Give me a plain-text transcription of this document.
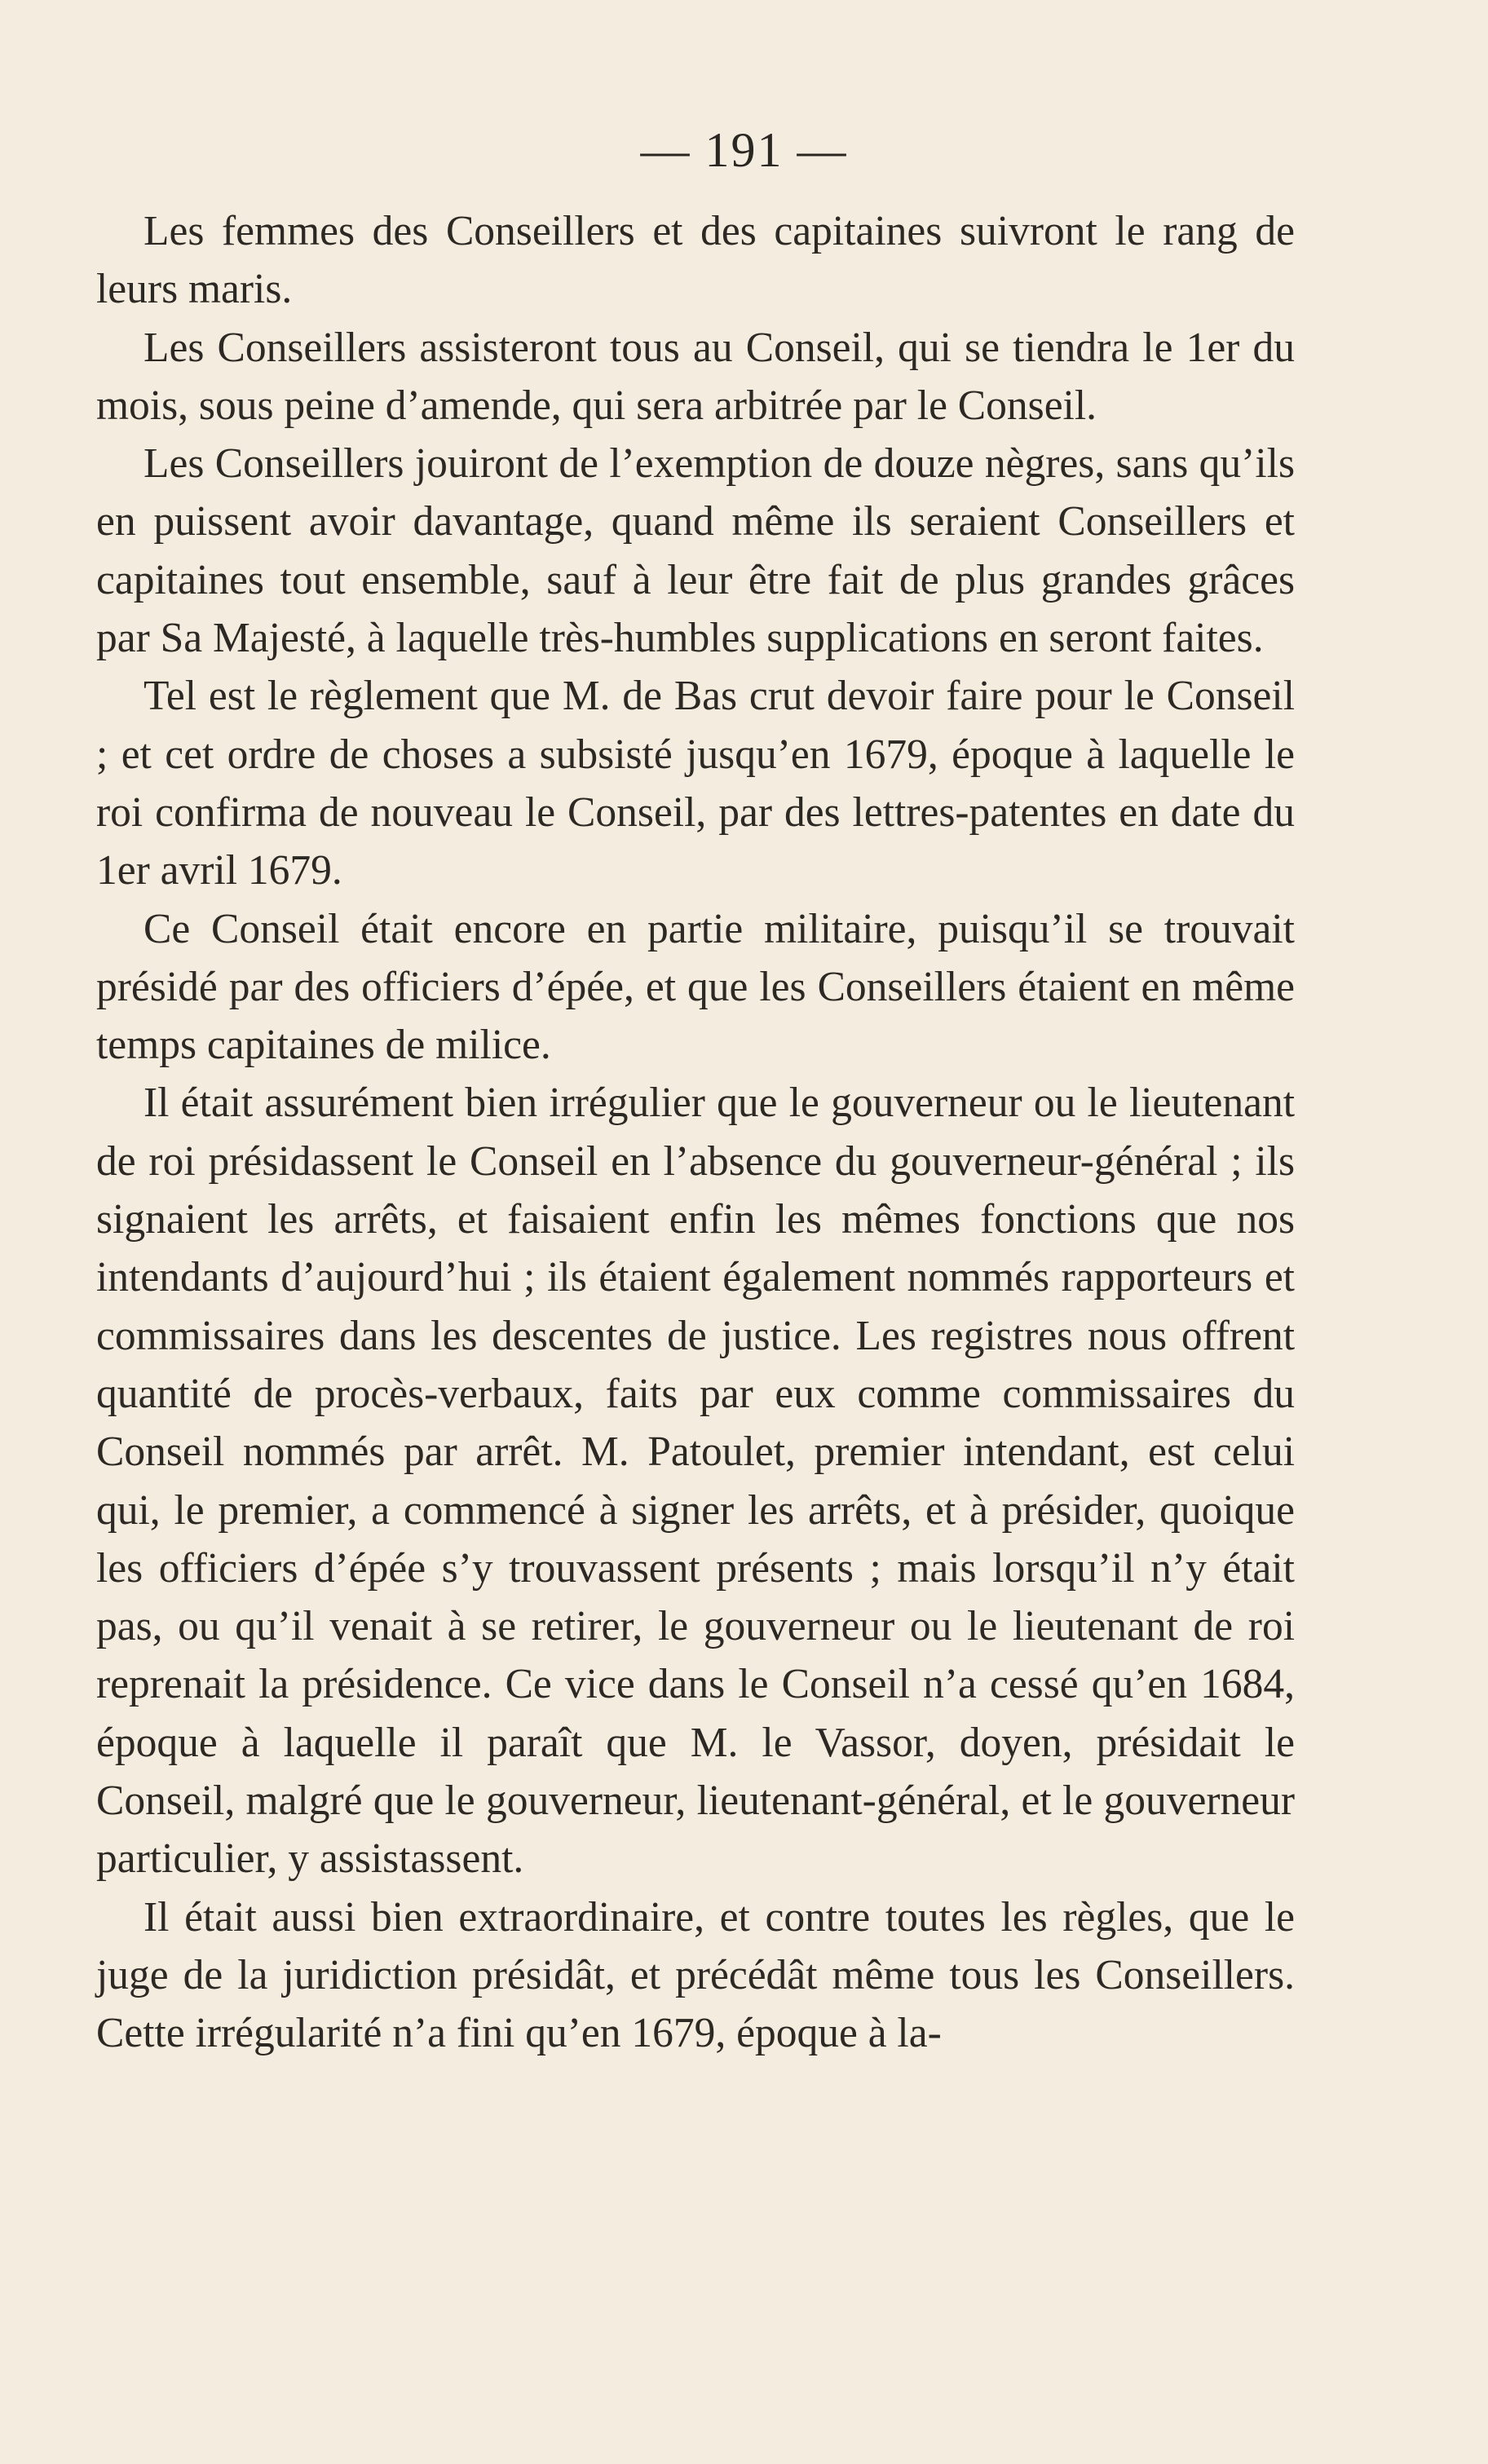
— 191 —

Les femmes des Conseillers et des capitaines suivront le rang de leurs maris.

Les Conseillers assisteront tous au Conseil, qui se tiendra le 1er du mois, sous peine d’amende, qui sera arbitrée par le Conseil.

Les Conseillers jouiront de l’exemption de douze nègres, sans qu’ils en puissent avoir davantage, quand même ils seraient Conseillers et capitaines tout ensemble, sauf à leur être fait de plus grandes grâces par Sa Majesté, à laquelle très-humbles supplications en seront faites.

Tel est le règlement que M. de Bas crut devoir faire pour le Conseil ; et cet ordre de choses a subsisté jusqu’en 1679, époque à laquelle le roi confirma de nouveau le Conseil, par des lettres-patentes en date du 1er avril 1679.

Ce Conseil était encore en partie militaire, puisqu’il se trouvait présidé par des officiers d’épée, et que les Conseillers étaient en même temps capitaines de milice.

Il était assurément bien irrégulier que le gouverneur ou le lieutenant de roi présidassent le Conseil en l’absence du gouverneur-général ; ils signaient les arrêts, et faisaient enfin les mêmes fonctions que nos intendants d’aujourd’hui ; ils étaient également nommés rapporteurs et commissaires dans les descentes de justice. Les registres nous offrent quantité de procès-verbaux, faits par eux comme commissaires du Conseil nommés par arrêt. M. Patoulet, premier intendant, est celui qui, le premier, a commencé à signer les arrêts, et à présider, quoique les officiers d’épée s’y trouvassent présents ; mais lorsqu’il n’y était pas, ou qu’il venait à se retirer, le gouverneur ou le lieutenant de roi reprenait la présidence. Ce vice dans le Conseil n’a cessé qu’en 1684, époque à laquelle il paraît que M. le Vassor, doyen, présidait le Conseil, malgré que le gouverneur, lieutenant-général, et le gouverneur particulier, y assistassent.

Il était aussi bien extraordinaire, et contre toutes les règles, que le juge de la juridiction présidât, et précédât même tous les Conseillers. Cette irrégularité n’a fini qu’en 1679, époque à la-
